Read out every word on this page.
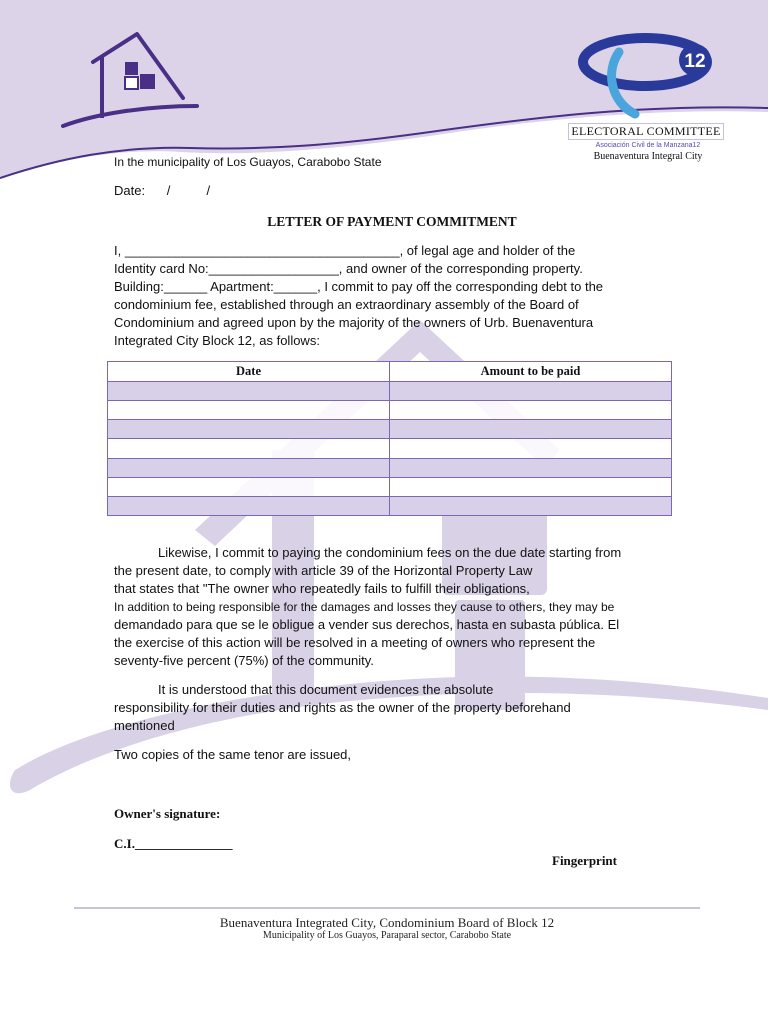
12
ELECTORAL COMMITTEE
Asociación Civil de la Manzana12
Buenaventura Integral City
In the municipality of Los Guayos, Carabobo State
Date:      /          /
LETTER OF PAYMENT COMMITMENT
I, ______________________________________, of legal age and holder of the
Identity card No:__________________, and owner of the corresponding property.
Building:______ Apartment:______, I commit to pay off the corresponding debt to the
condominium fee, established through an extraordinary assembly of the Board of
Condominium and agreed upon by the majority of the owners of Urb. Buenaventura
Integrated City Block 12, as follows:
Date	Amount to be paid

Likewise, I commit to paying the condominium fees on the due date starting from
the present date, to comply with article 39 of the Horizontal Property Law
that states that "The owner who repeatedly fails to fulfill their obligations,
In addition to being responsible for the damages and losses they cause to others, they may be
demandado para que se le obligue a vender sus derechos, hasta en subasta pública. El
the exercise of this action will be resolved in a meeting of owners who represent the
seventy-five percent (75%) of the community.
It is understood that this document evidences the absolute
responsibility for their duties and rights as the owner of the property beforehand
mentioned
Two copies of the same tenor are issued,
Owner's signature:
C.I._______________
Fingerprint
Buenaventura Integrated City, Condominium Board of Block 12
Municipality of Los Guayos, Paraparal sector, Carabobo State
